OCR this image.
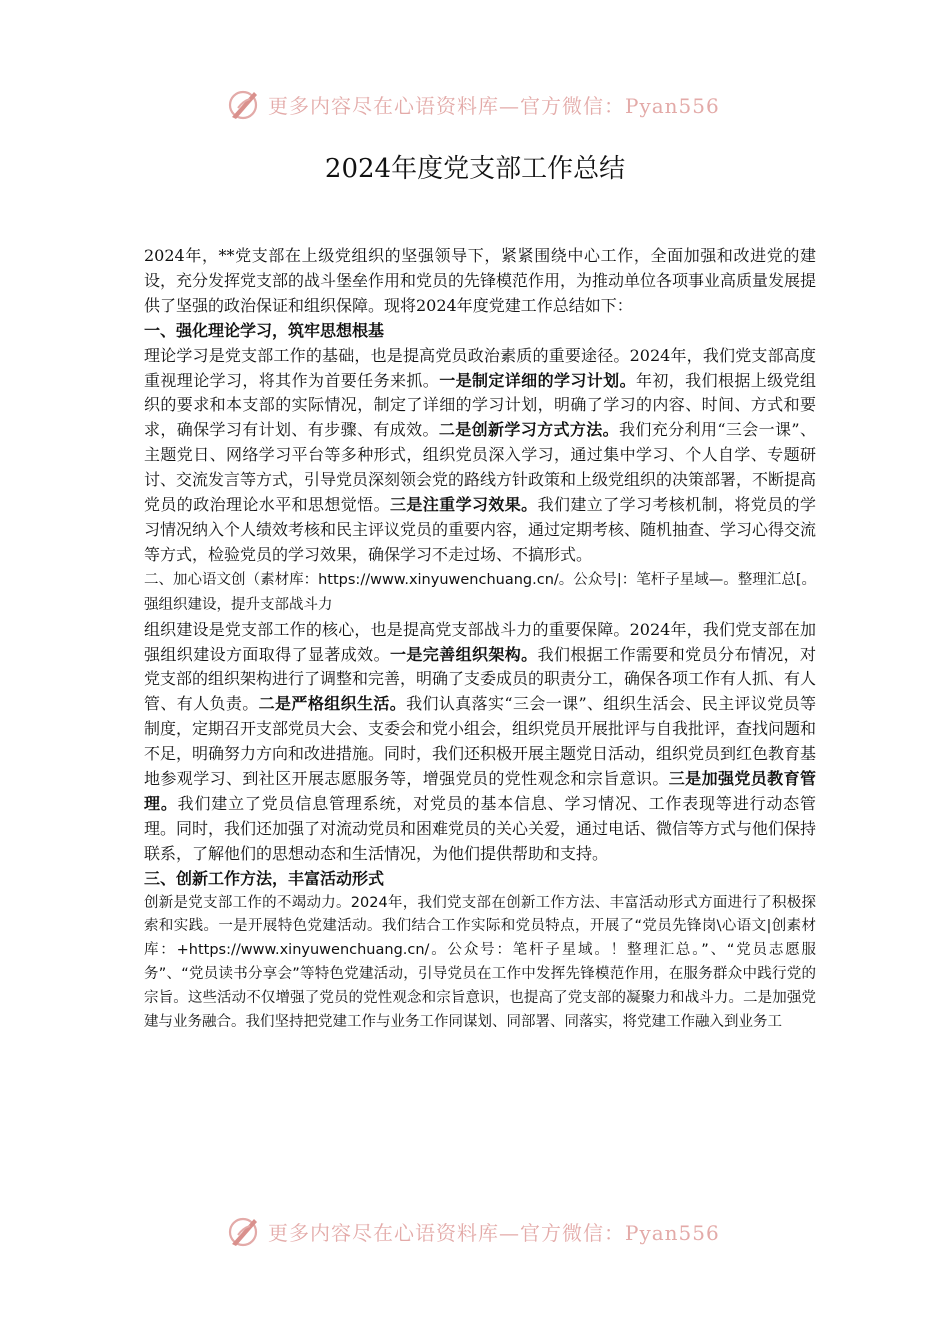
更多内容尽在心语资料库—官方微信：Pyan556
2024年度党支部工作总结

2024年，**党支部在上级党组织的坚强领导下，紧紧围绕中心工作，全面加强和改进党的建设，充分发挥党支部的战斗堡垒作用和党员的先锋模范作用，为推动单位各项事业高质量发展提供了坚强的政治保证和组织保障。现将2024年度党建工作总结如下：

一、强化理论学习，筑牢思想根基

理论学习是党支部工作的基础，也是提高党员政治素质的重要途径。2024年，我们党支部高度重视理论学习，将其作为首要任务来抓。一是制定详细的学习计划。年初，我们根据上级党组织的要求和本支部的实际情况，制定了详细的学习计划，明确了学习的内容、时间、方式和要求，确保学习有计划、有步骤、有成效。二是创新学习方式方法。我们充分利用“三会一课”、主题党日、网络学习平台等多种形式，组织党员深入学习，通过集中学习、个人自学、专题研讨、交流发言等方式，引导党员深刻领会党的路线方针政策和上级党组织的决策部署，不断提高党员的政治理论水平和思想觉悟。三是注重学习效果。我们建立了学习考核机制，将党员的学习情况纳入个人绩效考核和民主评议党员的重要内容，通过定期考核、随机抽查、学习心得交流等方式，检验党员的学习效果，确保学习不走过场、不搞形式。

二、加心语文创（素材库：https://www.xinyuwenchuang.cn/。公众号|：笔杆子星域—。整理汇总[。强组织建设，提升支部战斗力

组织建设是党支部工作的核心，也是提高党支部战斗力的重要保障。2024年，我们党支部在加强组织建设方面取得了显著成效。一是完善组织架构。我们根据工作需要和党员分布情况，对党支部的组织架构进行了调整和完善，明确了支委成员的职责分工，确保各项工作有人抓、有人管、有人负责。二是严格组织生活。我们认真落实“三会一课”、组织生活会、民主评议党员等制度，定期召开支部党员大会、支委会和党小组会，组织党员开展批评与自我批评，查找问题和不足，明确努力方向和改进措施。同时，我们还积极开展主题党日活动，组织党员到红色教育基地参观学习、到社区开展志愿服务等，增强党员的党性观念和宗旨意识。三是加强党员教育管理。我们建立了党员信息管理系统，对党员的基本信息、学习情况、工作表现等进行动态管理。同时，我们还加强了对流动党员和困难党员的关心关爱，通过电话、微信等方式与他们保持联系，了解他们的思想动态和生活情况，为他们提供帮助和支持。

三、创新工作方法，丰富活动形式

创新是党支部工作的不竭动力。2024年，我们党支部在创新工作方法、丰富活动形式方面进行了积极探索和实践。一是开展特色党建活动。我们结合工作实际和党员特点，开展了“党员先锋岗\心语文|创素材库：+https://www.xinyuwenchuang.cn/。公众号：笔杆子星域。！整理汇总。”、“党员志愿服务”、“党员读书分享会”等特色党建活动，引导党员在工作中发挥先锋模范作用，在服务群众中践行党的宗旨。这些活动不仅增强了党员的党性观念和宗旨意识，也提高了党支部的凝聚力和战斗力。二是加强党建与业务融合。我们坚持把党建工作与业务工作同谋划、同部署、同落实，将党建工作融入到业务工

更多内容尽在心语资料库—官方微信：Pyan556
